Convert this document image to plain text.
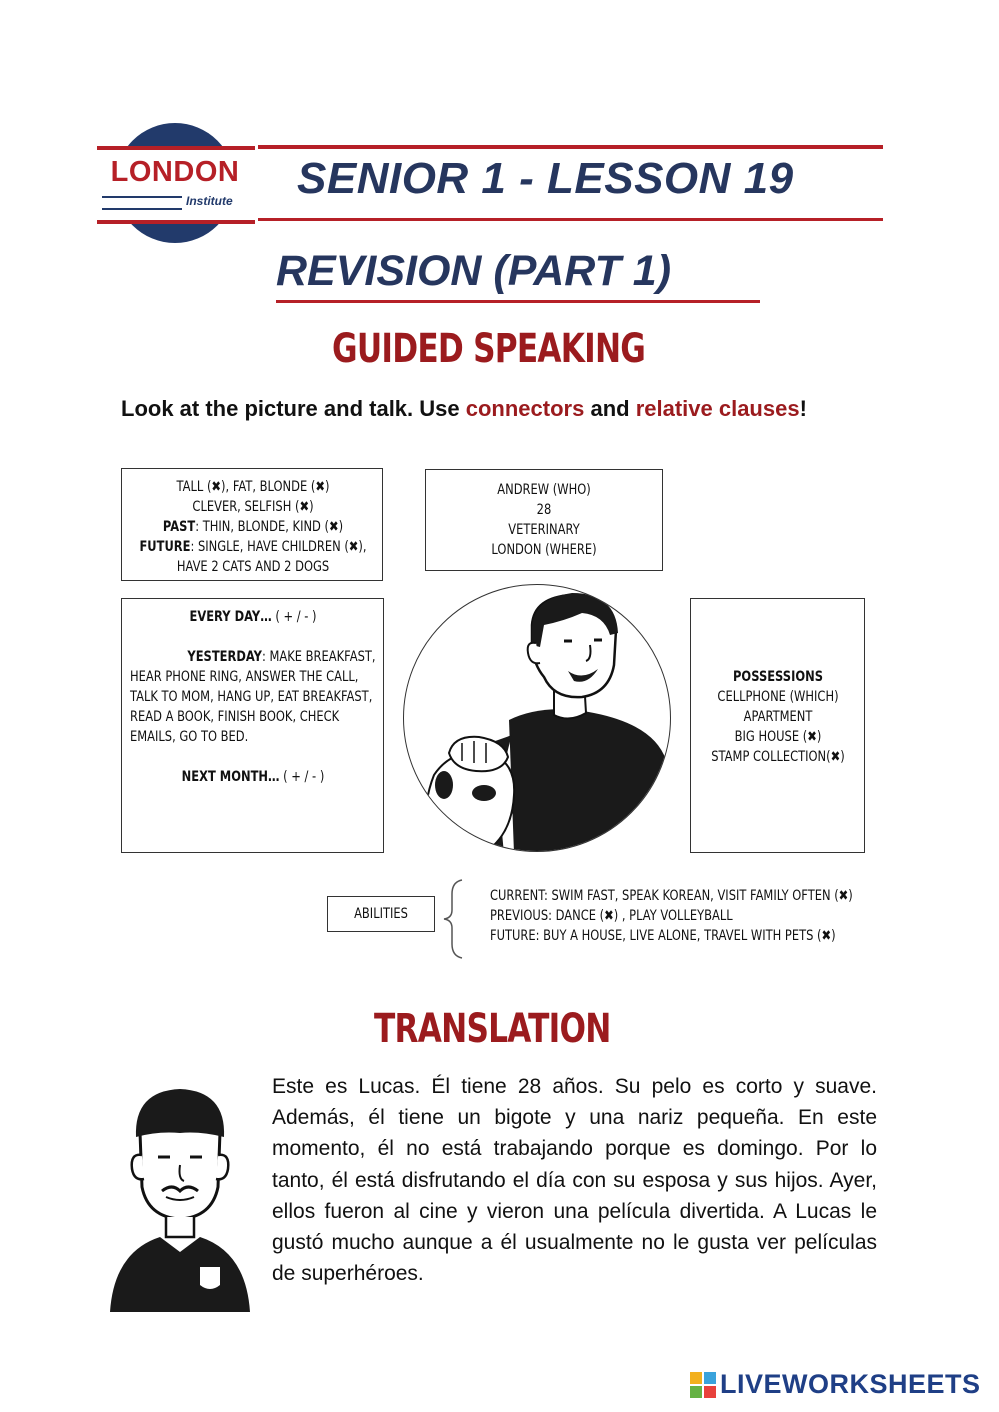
LONDON
Institute SENIOR 1 - LESSON 19
REVISION (PART 1)
GUIDED SPEAKING
Look at the picture and talk. Use connectors and relative clauses!
TALL (✖), FAT, BLONDE (✖)
CLEVER, SELFISH (✖)
PAST: THIN, BLONDE, KIND (✖)
FUTURE: SINGLE, HAVE CHILDREN (✖),
HAVE 2 CATS AND 2 DOGS
ANDREW (WHO)
28
VETERINARY
LONDON (WHERE)
EVERY DAY… ( + / - )
YESTERDAY: MAKE BREAKFAST, HEAR PHONE RING, ANSWER THE CALL, TALK TO MOM, HANG UP, EAT BREAKFAST, READ A BOOK, FINISH BOOK, CHECK EMAILS, GO TO BED.
NEXT MONTH… ( + / - )
POSSESSIONS
CELLPHONE (WHICH)
APARTMENT
BIG HOUSE (✖)
STAMP COLLECTION(✖)
ABILITIES
CURRENT: SWIM FAST, SPEAK KOREAN, VISIT FAMILY OFTEN (✖)
PREVIOUS: DANCE (✖) , PLAY VOLLEYBALL
FUTURE: BUY A HOUSE, LIVE ALONE, TRAVEL WITH PETS (✖)
TRANSLATION
Este es Lucas. Él tiene 28 años. Su pelo es corto y suave. Además, él tiene un bigote y una nariz pequeña. En este momento, él no está trabajando porque es domingo. Por lo tanto, él está disfrutando el día con su esposa y sus hijos. Ayer, ellos fueron al cine y vieron una película divertida. A Lucas le gustó mucho aunque a él usualmente no le gusta ver películas de superhéroes.
LIVEWORKSHEETS
